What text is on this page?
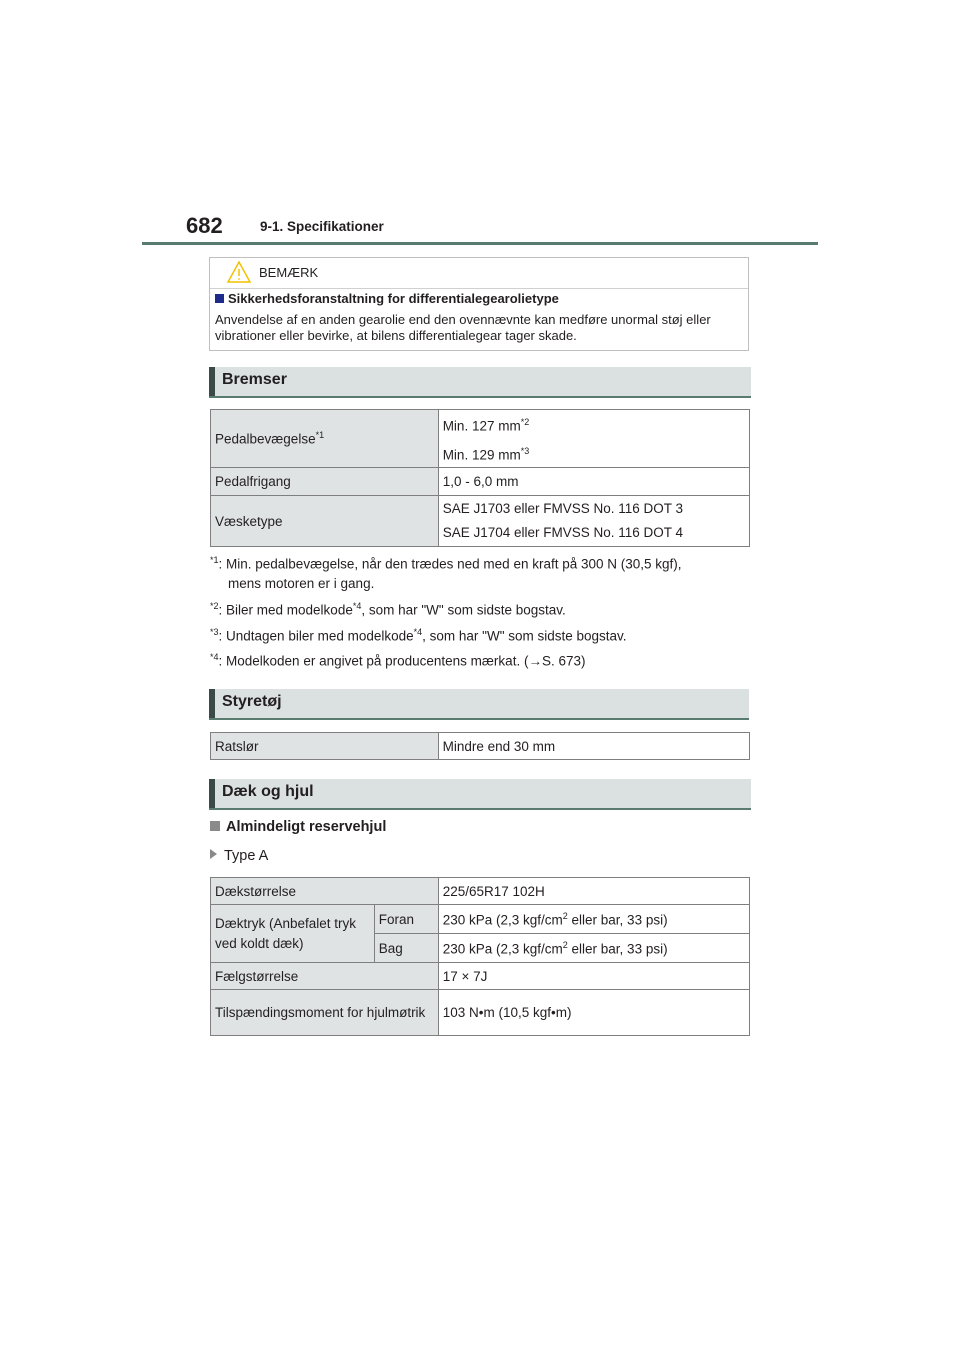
682	9-1. Specifikationer
BEMÆRK
Sikkerhedsforanstaltning for differentialegearolietype
Anvendelse af en anden gearolie end den ovennævnte kan medføre unormal støj eller vibrationer eller bevirke, at bilens differentialegear tager skade.
Bremser
Pedalbevægelse$^{*1}$	Min. 127 $mm^{*2}$
Min. 129 $mm^{*3}$

Pedalfrigang	1,0 - 6,0 mm
Væsketype	SAE J1703 eller FMVSS No. 116 DOT 3
SAE J1704 eller FMVSS No. 116 DOT 4
$^{*1}$: Min. pedalbevægelse, når den trædes ned med en kraft på 300 N (30,5 kgf),
mens motoren er i gang.
$^{*2}$: Biler med modelkode$^{*4}$, som har "W" som sidste bogstav.
$^{*3}$: Undtagen biler med modelkode$^{*4}$, som har "W" som sidste bogstav.
$^{*4}$: Modelkoden er angivet på producentens mærkat. (→S. 673)
Styretøj
Ratslør	Mindre end 30 mm
Dæk og hjul
Almindeligt reservehjul
Type A
Dækstørrelse		225/65R17 102H
Dæktryk (Anbefalet tryk ved koldt dæk)	Foran	230 kPa (2,3 kgf/$cm^2$ eller bar, 33 psi)
	Bag	230 kPa (2,3 kgf/$cm^2$ eller bar, 33 psi)
Fælgstørrelse		17 × 7J
Tilspændingsmoment for hjulmøtrik		103 N•m (10,5 kgf•m)
